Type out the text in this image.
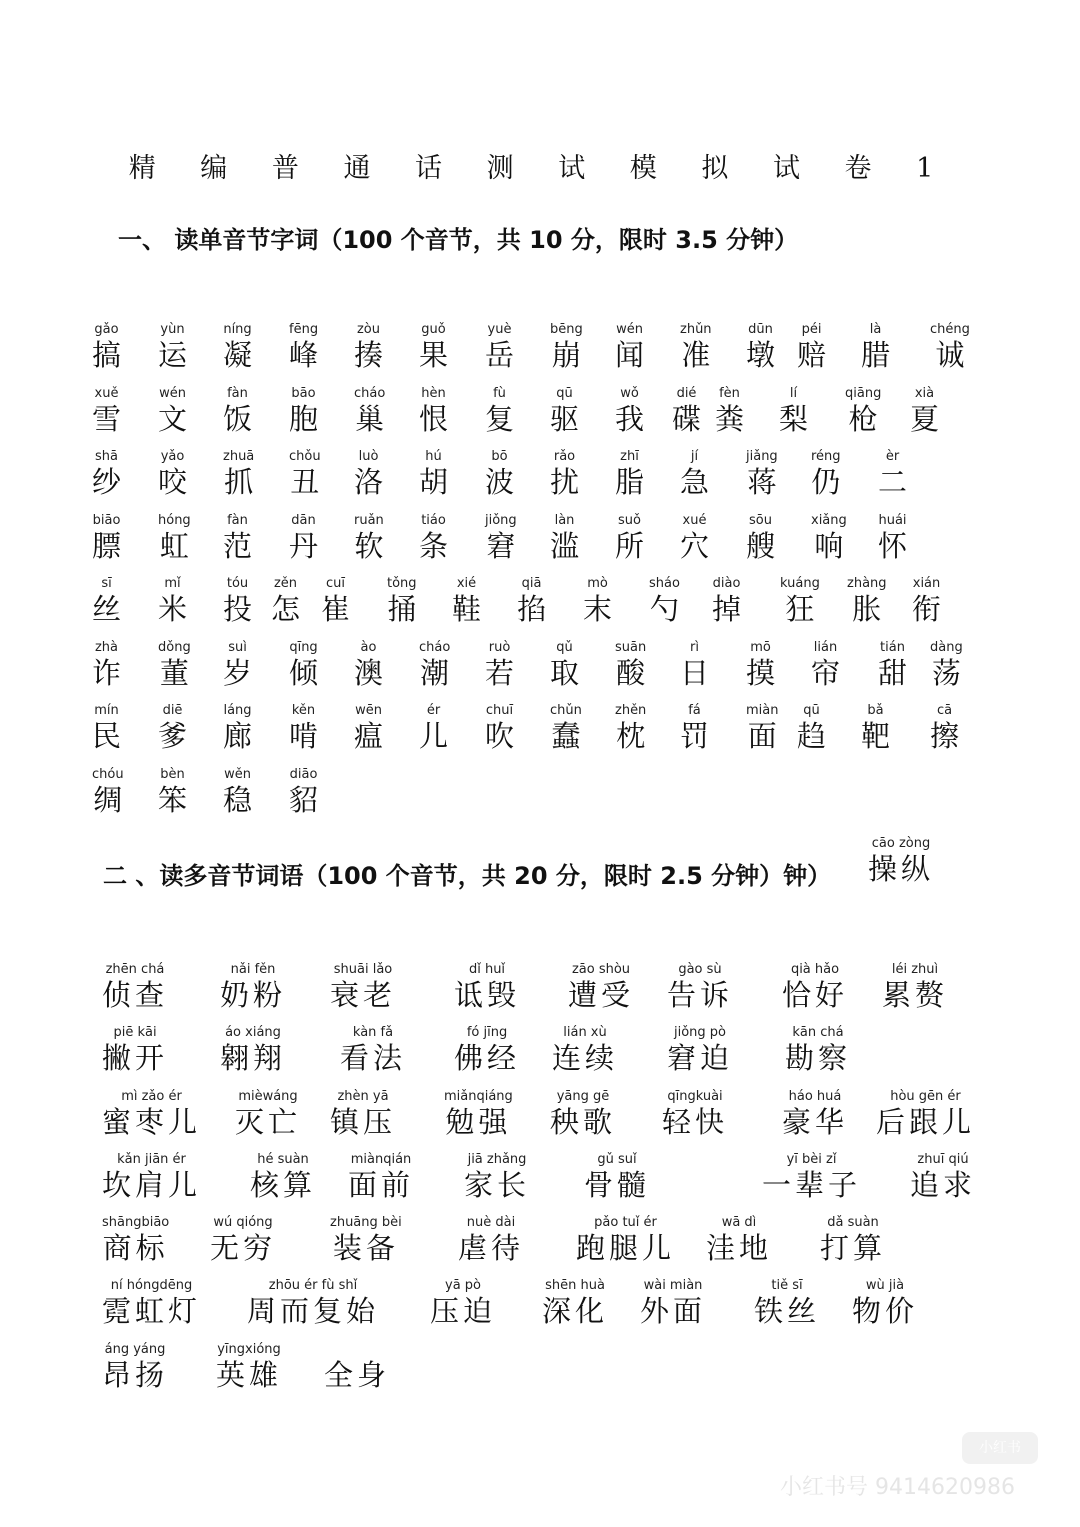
精 编 普 通 话 测 试 模 拟 试 卷 1
一、 读单音节字词（100 个音节，共 10 分，限时 3.5 分钟）
gǎo
搞
yùn
运
níng
凝
fēng
峰
zòu
揍
guǒ
果
yuè
岳
bēng
崩
wén
闻
zhǔn
准
dūn
墩
péi
赔
là
腊
chéng
诚
xuě
雪
wén
文
fàn
饭
bāo
胞
cháo
巢
hèn
恨
fù
复
qū
驱
wǒ
我
dié
碟
fèn
粪
lí
梨
qiāng
枪
xià
夏
shā
纱
yǎo
咬
zhuā
抓
chǒu
丑
luò
洛
hú
胡
bō
波
rǎo
扰
zhī
脂
jí
急
jiǎng
蒋
réng
仍
èr
二
biāo
膘
hóng
虹
fàn
范
dān
丹
ruǎn
软
tiáo
条
jiǒng
窘
làn
滥
suǒ
所
xué
穴
sōu
艘
xiǎng
响
huái
怀
sī
丝
mǐ
米
tóu
投
zěn
怎
cuī
崔
tǒng
捅
xié
鞋
qiā
掐
mò
末
sháo
勺
diào
掉
kuáng
狂
zhàng
胀
xián
衔
zhà
诈
dǒng
董
suì
岁
qīng
倾
ào
澳
cháo
潮
ruò
若
qǔ
取
suān
酸
rì
日
mō
摸
lián
帘
tián
甜
dàng
荡
mín
民
diē
爹
láng
廊
kěn
啃
wēn
瘟
ér
儿
chuī
吹
chǔn
蠢
zhěn
枕
fá
罚
miàn
面
qū
趋
bǎ
靶
cā
擦
chóu
绸
bèn
笨
wěn
稳
diāo
貂
二 、读多音节词语（100 个音节，共 20 分，限时 2.5 分钟）钟）
cāo zòng
操纵
zhēn chá
侦查
nǎi fěn
奶粉
shuāi lǎo
衰老
dǐ huǐ
诋毁
zāo shòu
遭受
gào sù
告诉
qià hǎo
恰好
léi zhuì
累赘
piē kāi
撇开
áo xiáng
翱翔
kàn fǎ
看法
fó jīng
佛经
lián xù
连续
jiǒng pò
窘迫
kān chá
勘察
mì zǎo ér
蜜枣儿
mièwáng
灭亡
zhèn yā
镇压
miǎnqiáng
勉强
yāng gē
秧歌
qīngkuài
轻快
háo huá
豪华
hòu gēn ér
后跟儿
kǎn jiān ér
坎肩儿
hé suàn
核算
miànqián
面前
jiā zhǎng
家长
gǔ suǐ
骨髓
yī bèi zǐ
一辈子
zhuī qiú
追求
shāngbiāo
商标
wú qióng
无穷
zhuāng bèi
装备
nuè dài
虐待
pǎo tuǐ ér
跑腿儿
wā dì
洼地
dǎ suàn
打算
ní hóngdēng
霓虹灯
zhōu ér fù shǐ
周而复始
yā pò
压迫
shēn huà
深化
wài miàn
外面
tiě sī
铁丝
wù jià
物价
áng yáng
昂扬
yīngxióng
英雄 全身
小红书
小红书号 9414620986
